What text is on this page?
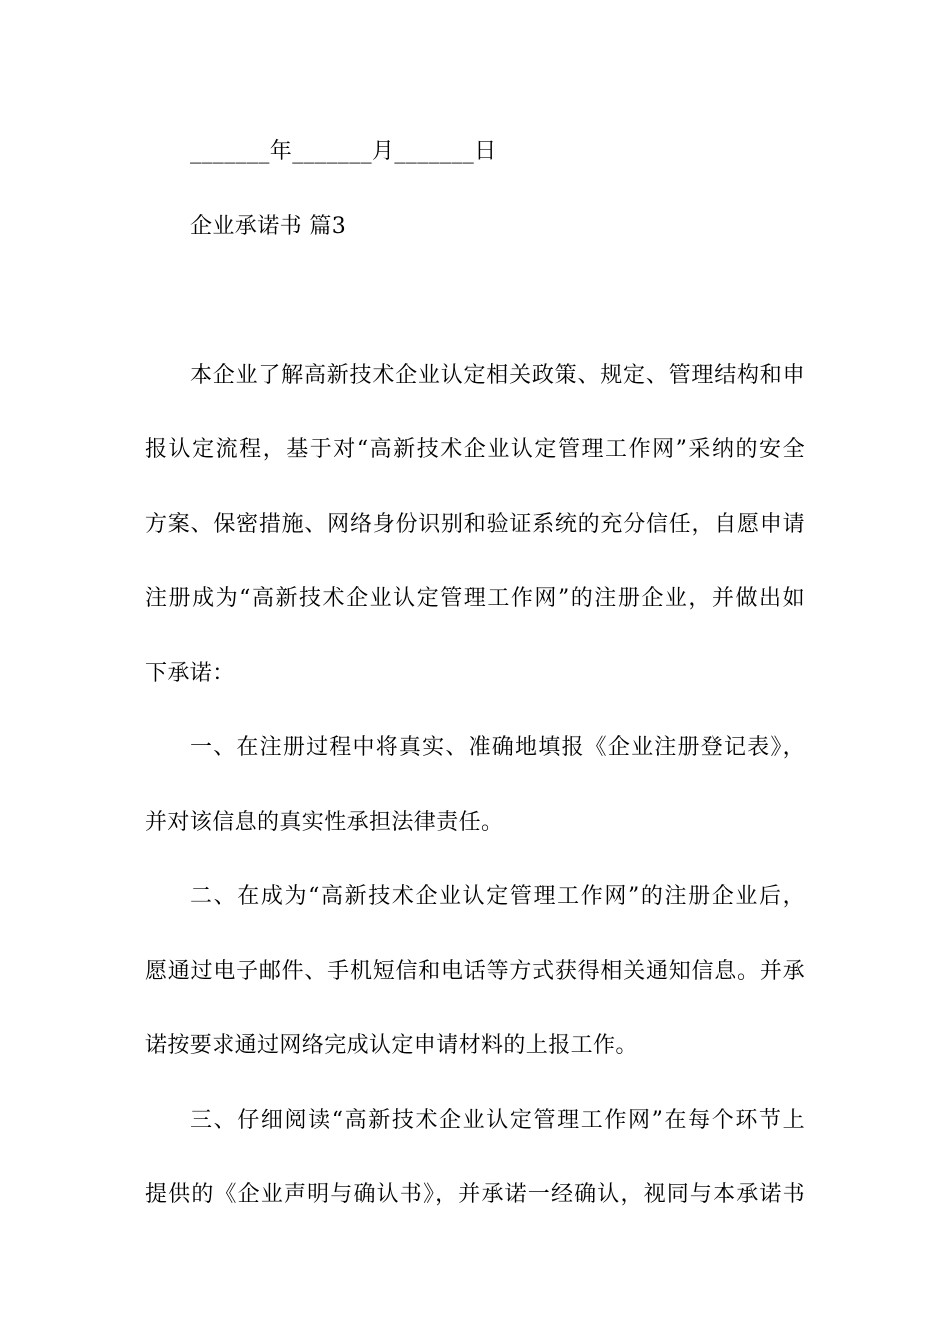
_______年_______月_______日
企业承诺书 篇3
本企业了解高新技术企业认定相关政策、规定、管理结构和申
报认定流程，基于对“高新技术企业认定管理工作网”采纳的安全
方案、保密措施、网络身份识别和验证系统的充分信任，自愿申请
注册成为“高新技术企业认定管理工作网”的注册企业，并做出如
下承诺：
一、在注册过程中将真实、准确地填报《企业注册登记表》，
并对该信息的真实性承担法律责任。
二、在成为“高新技术企业认定管理工作网”的注册企业后，
愿通过电子邮件、手机短信和电话等方式获得相关通知信息。并承
诺按要求通过网络完成认定申请材料的上报工作。
三、仔细阅读“高新技术企业认定管理工作网”在每个环节上
提供的《企业声明与确认书》，并承诺一经确认，视同与本承诺书
